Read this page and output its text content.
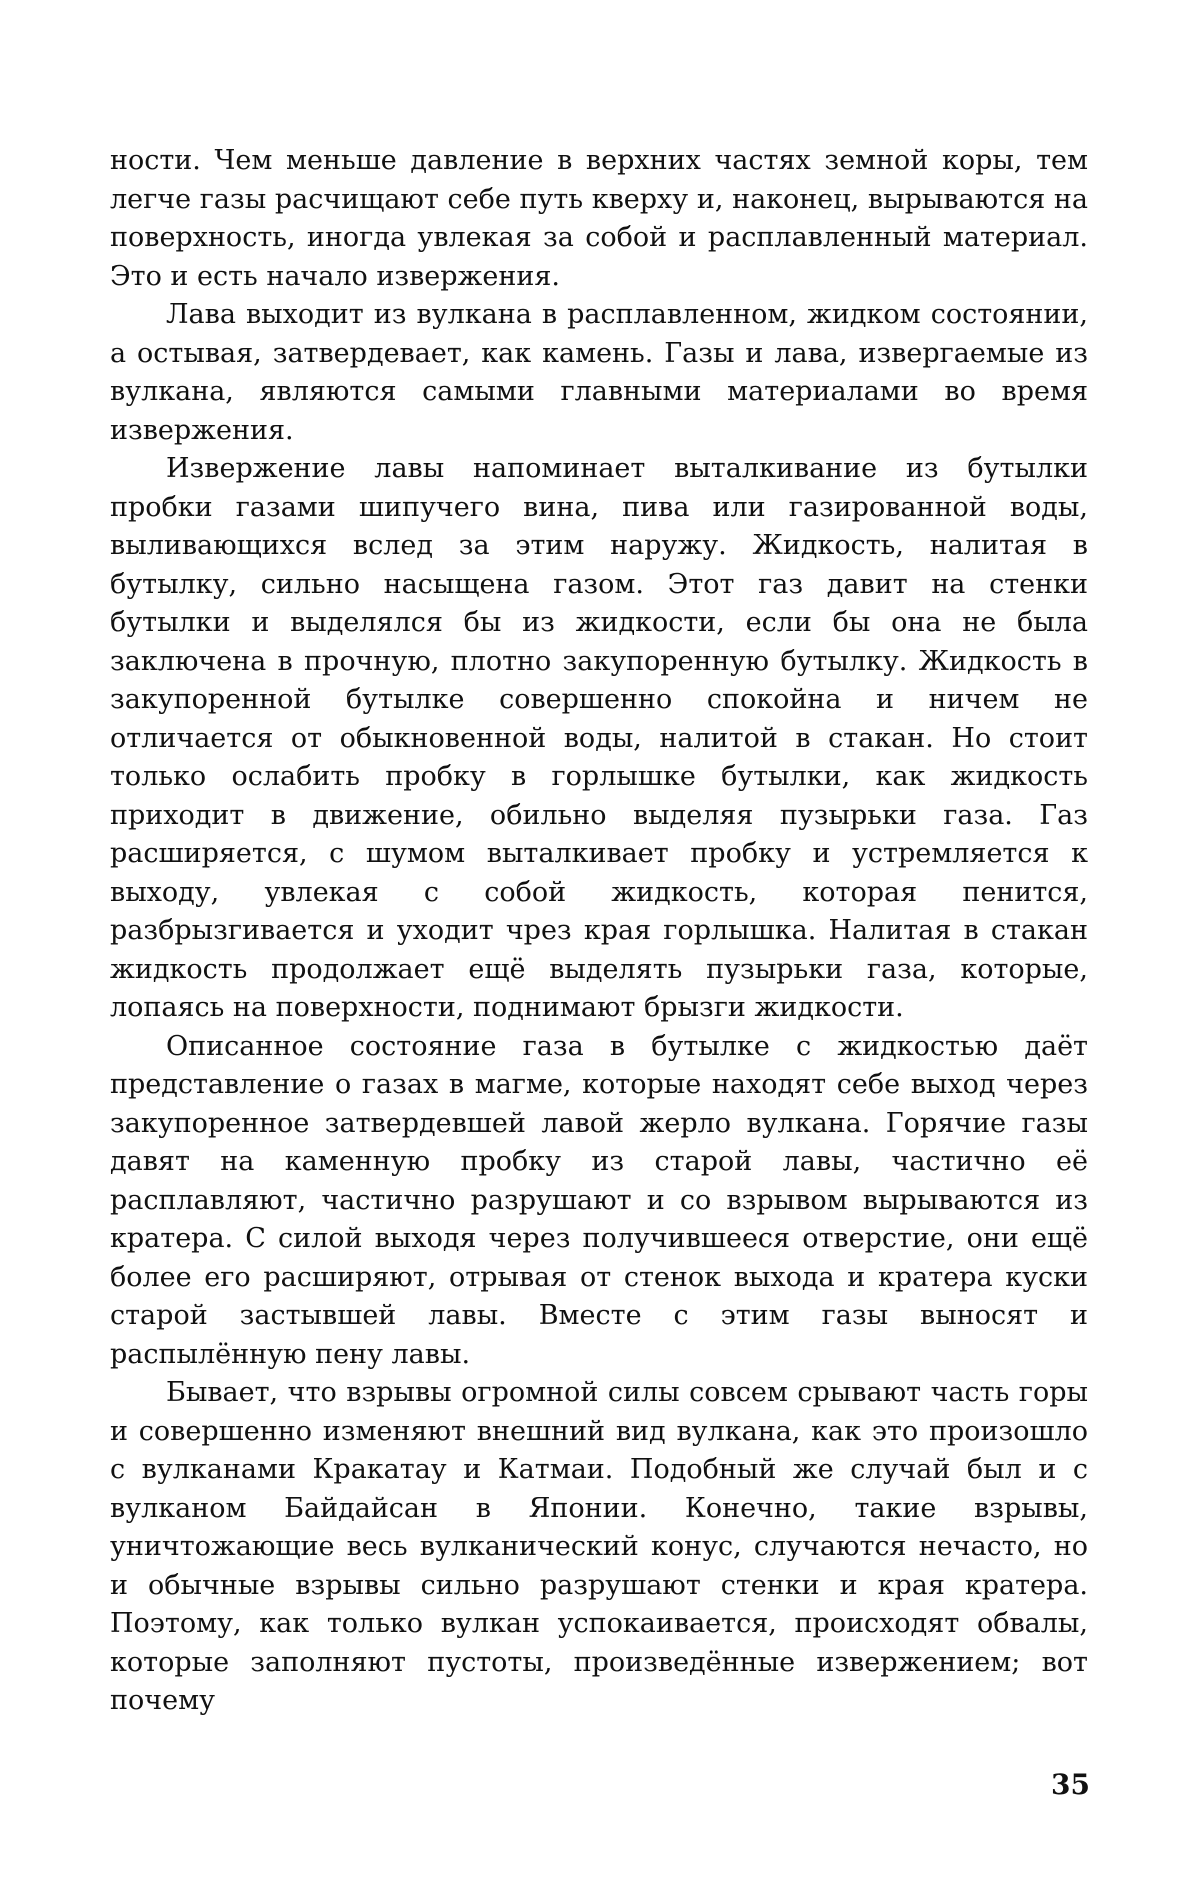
ности. Чем меньше давление в верхних частях земной коры, тем легче газы расчищают себе путь кверху и, наконец, вырываются на поверхность, иногда увлекая за собой и расплавленный материал. Это и есть начало извержения.

Лава выходит из вулкана в расплавленном, жидком состоянии, а остывая, затвердевает, как камень. Газы и лава, извергаемые из вулкана, являются самыми главными материалами во время извержения.

Извержение лавы напоминает выталкивание из бутылки пробки газами шипучего вина, пива или газированной воды, выливающихся вслед за этим наружу. Жидкость, налитая в бутылку, сильно насыщена газом. Этот газ давит на стенки бутылки и выделялся бы из жидкости, если бы она не была заключена в прочную, плотно закупоренную бутылку. Жидкость в закупоренной бутылке совершенно спокойна и ничем не отличается от обыкновенной воды, налитой в стакан. Но стоит только ослабить пробку в горлышке бутылки, как жидкость приходит в движение, обильно выделяя пузырьки газа. Газ расширяется, с шумом выталкивает пробку и устремляется к выходу, увлекая с собой жидкость, которая пенится, разбрызгивается и уходит чрез края горлышка. Налитая в стакан жидкость продолжает ещё выделять пузырьки газа, которые, лопаясь на поверхности, поднимают брызги жидкости.

Описанное состояние газа в бутылке с жидкостью даёт представление о газах в магме, которые находят себе выход через закупоренное затвердевшей лавой жерло вулкана. Горячие газы давят на каменную пробку из старой лавы, частично её расплавляют, частично разрушают и со взрывом вырываются из кратера. С силой выходя через получившееся отверстие, они ещё более его расширяют, отрывая от стенок выхода и кратера куски старой застывшей лавы. Вместе с этим газы выносят и распылённую пену лавы.

Бывает, что взрывы огромной силы совсем срывают часть горы и совершенно изменяют внешний вид вулкана, как это произошло с вулканами Кракатау и Катмаи. Подобный же случай был и с вулканом Байдайсан в Японии. Конечно, такие взрывы, уничтожающие весь вулканический конус, случаются нечасто, но и обычные взрывы сильно разрушают стенки и края кратера. Поэтому, как только вулкан успокаивается, происходят обвалы, которые заполняют пустоты, произведённые извержением; вот почему

35
